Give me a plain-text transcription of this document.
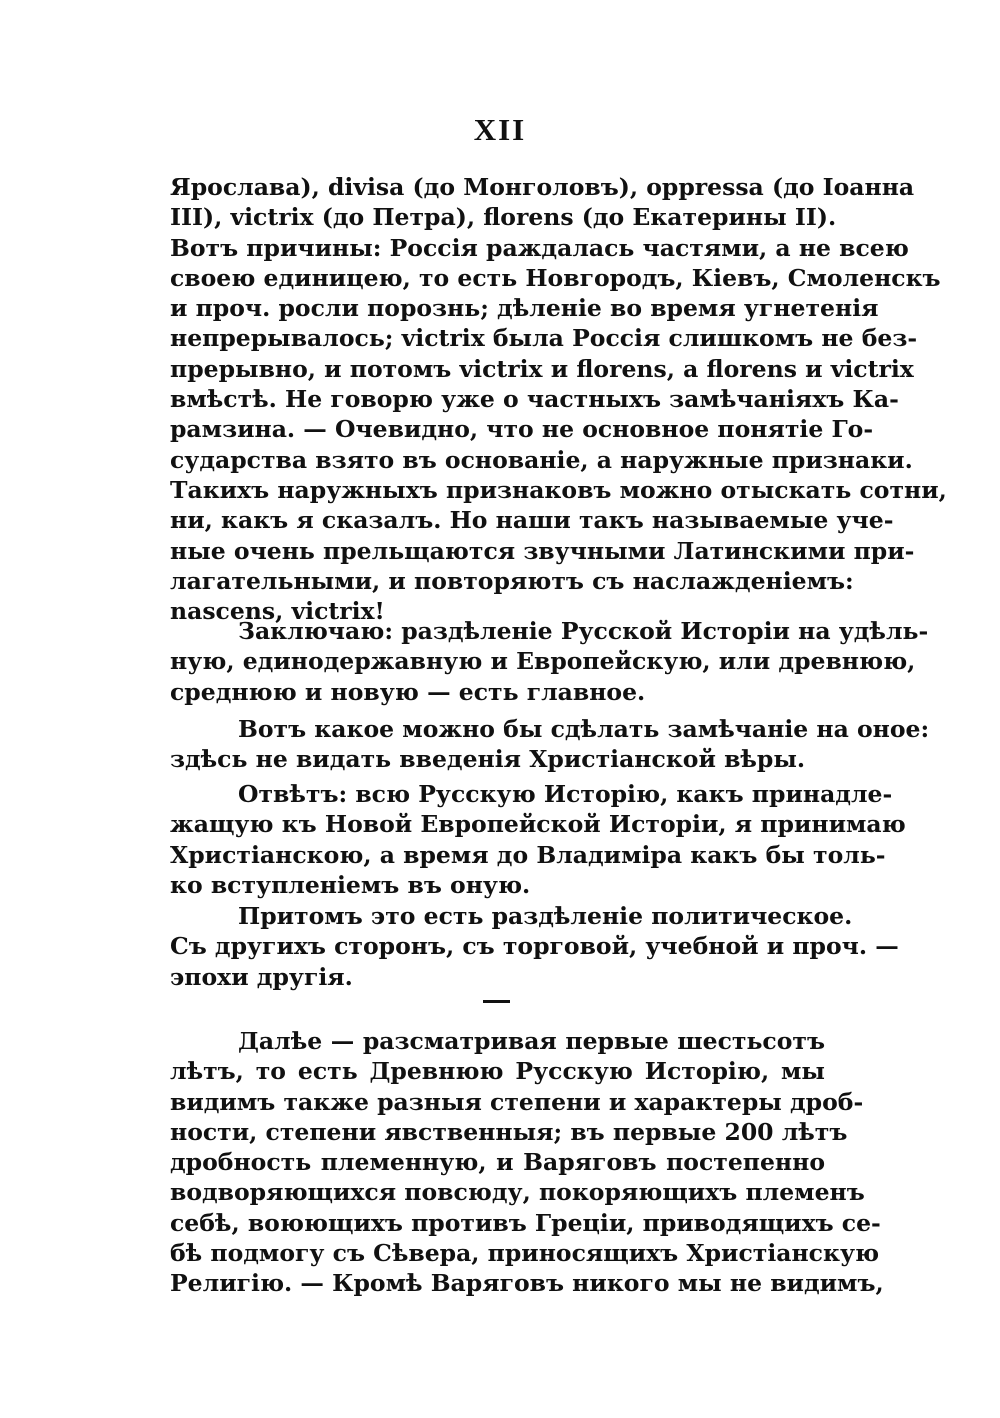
XII
Ярослава), divisa (до Монголовъ), oppressa (до Іоанна
III), victrix (до Петра), florens (до Екатерины II).
Вотъ причины: Россія раждалась частями, а не всею
своею единицею, то есть Новгородъ, Кіевъ, Смоленскъ
и проч. росли порознь; дѣленіе во время угнетенія
непрерывалось; victrix была Россія слишкомъ не без-
прерывно, и потомъ victrix и florens, а florens и victrix
вмѣстѣ. Не говорю уже о частныхъ замѣчаніяхъ Ка-
рамзина. — Очевидно, что не основное понятіе Го-
сударства взято въ основаніе, а наружные признаки.
Такихъ наружныхъ признаковъ можно отыскать сотни,
ни, какъ я сказалъ. Но наши такъ называемые уче-
ные очень прельщаются звучными Латинскими при-
лагательными, и повторяютъ съ наслажденіемъ:
nascens, victrix!
Заключаю: раздѣленіе Русской Исторіи на удѣль-
ную, единодержавную и Европейскую, или древнюю,
среднюю и новую — есть главное.
Вотъ какое можно бы сдѣлать замѣчаніе на оное:
здѣсь не видать введенія Христіанской вѣры.
Отвѣтъ: всю Русскую Исторію, какъ принадле-
жащую къ Новой Европейской Исторіи, я принимаю
Христіанскою, а время до Владиміра какъ бы толь-
ко вступленіемъ въ оную.
Притомъ это есть раздѣленіе политическое.
Съ другихъ сторонъ, съ торговой, учебной и проч. —
эпохи другія.
Далѣе — разсматривая первые шестьсотъ
лѣтъ, то есть Древнюю Русскую Исторію, мы
видимъ также разныя степени и характеры дроб-
ности, степени явственныя; въ первые 200 лѣтъ
дробность племенную, и Варяговъ постепенно
водворяющихся повсюду, покоряющихъ племенъ
себѣ, воюющихъ противъ Греціи, приводящихъ се-
бѣ подмогу съ Сѣвера, приносящихъ Христіанскую
Религію. — Кромѣ Варяговъ никого мы не видимъ,
